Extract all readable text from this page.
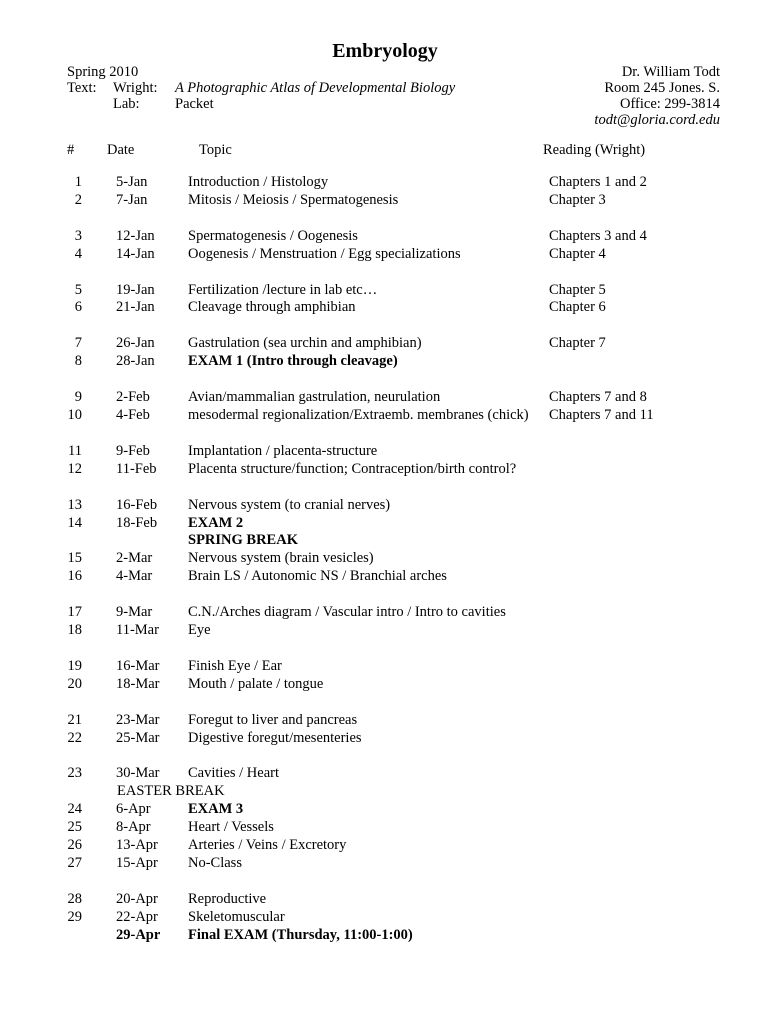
Embryology
Spring 2010
Text:	Wright:	A Photographic Atlas of Developmental Biology
Lab:	Packet
Dr. William Todt
Room 245 Jones. S.
Office: 299-3814
todt@gloria.cord.edu
# Date	Topic	Reading (Wright)
1	5-Jan	Introduction / Histology	Chapters 1 and 2
2	7-Jan	Mitosis / Meiosis / Spermatogenesis	Chapter 3
3	12-Jan	Spermatogenesis / Oogenesis	Chapters 3 and 4
4	14-Jan	Oogenesis / Menstruation / Egg specializations	Chapter 4
5	19-Jan	Fertilization /lecture in lab etc…	Chapter 5
6	21-Jan	Cleavage through amphibian	Chapter 6
7	26-Jan	Gastrulation (sea urchin and amphibian)	Chapter 7
8	28-Jan	EXAM 1 (Intro through cleavage)
9	2-Feb	Avian/mammalian gastrulation, neurulation	Chapters 7 and 8
10	4-Feb	mesodermal regionalization/Extraemb. membranes (chick)	Chapters 7 and 11
11	9-Feb	Implantation / placenta-structure
12	11-Feb	Placenta structure/function; Contraception/birth control?
13	16-Feb	Nervous system (to cranial nerves)
14	18-Feb	EXAM 2
SPRING BREAK
15	2-Mar	Nervous system (brain vesicles)
16	4-Mar	Brain LS / Autonomic NS / Branchial arches
17	9-Mar	C.N./Arches diagram / Vascular intro / Intro to cavities
18	11-Mar	Eye
19	16-Mar	Finish Eye / Ear
20	18-Mar	Mouth / palate / tongue
21	23-Mar	Foregut to liver and pancreas
22	25-Mar	Digestive foregut/mesenteries
23	30-Mar	Cavities / Heart
EASTER BREAK
24	6-Apr	EXAM 3
25	8-Apr	Heart / Vessels
26	13-Apr	Arteries / Veins / Excretory
27	15-Apr	No-Class
28	20-Apr	Reproductive
29	22-Apr	Skeletomuscular
29-Apr	Final EXAM (Thursday, 11:00-1:00)
